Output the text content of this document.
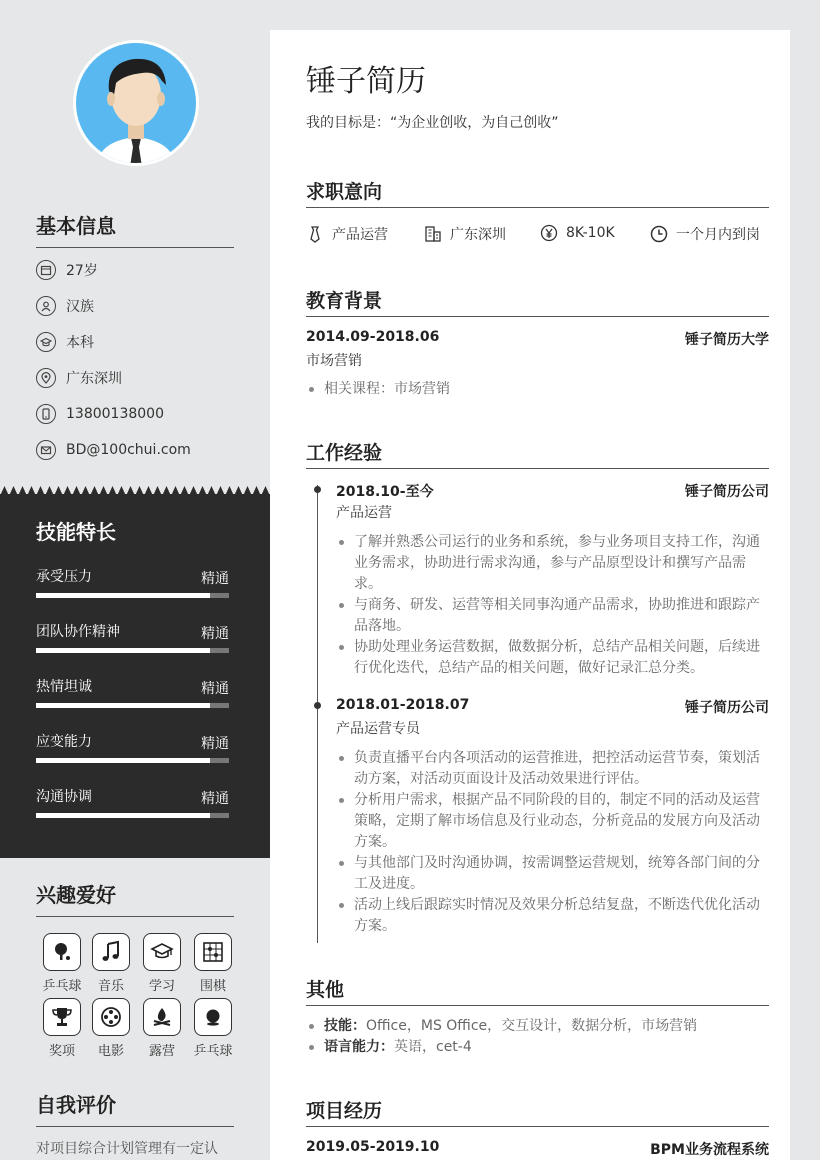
基本信息
27岁
汉族
本科
广东深圳
13800138000
BD@100chui.com
技能特长
承受压力	精通
团队协作精神	精通
热情坦诚	精通
应变能力	精通
沟通协调	精通
兴趣爱好
乒乓球	音乐	学习	围棋
奖项	电影	露营	乒乓球
自我评价
对项目综合计划管理有一定认
锤子简历
我的目标是：“为企业创收，为自己创收”
求职意向
产品运营	广东深圳	8K-10K	一个月内到岗
教育背景
2014.09-2018.06	锤子简历大学
市场营销
相关课程：市场营销
工作经验
2018.10-至今	锤子简历公司
产品运营
了解并熟悉公司运行的业务和系统，参与业务项目支持工作，沟通业务需求，协助进行需求沟通，参与产品原型设计和撰写产品需求。
与商务、研发、运营等相关同事沟通产品需求，协助推进和跟踪产品落地。
协助处理业务运营数据，做数据分析，总结产品相关问题，后续进行优化迭代，总结产品的相关问题，做好记录汇总分类。
2018.01-2018.07	锤子简历公司
产品运营专员
负责直播平台内各项活动的运营推进，把控活动运营节奏，策划活动方案，对活动页面设计及活动效果进行评估。
分析用户需求，根据产品不同阶段的目的，制定不同的活动及运营策略，定期了解市场信息及行业动态，分析竞品的发展方向及活动方案。
与其他部门及时沟通协调，按需调整运营规划，统筹各部门间的分工及进度。
活动上线后跟踪实时情况及效果分析总结复盘，不断迭代优化活动方案。
其他
技能：Office，MS Office，交互设计，数据分析，市场营销
语言能力：英语，cet-4
项目经历
2019.05-2019.10	BPM业务流程系统
